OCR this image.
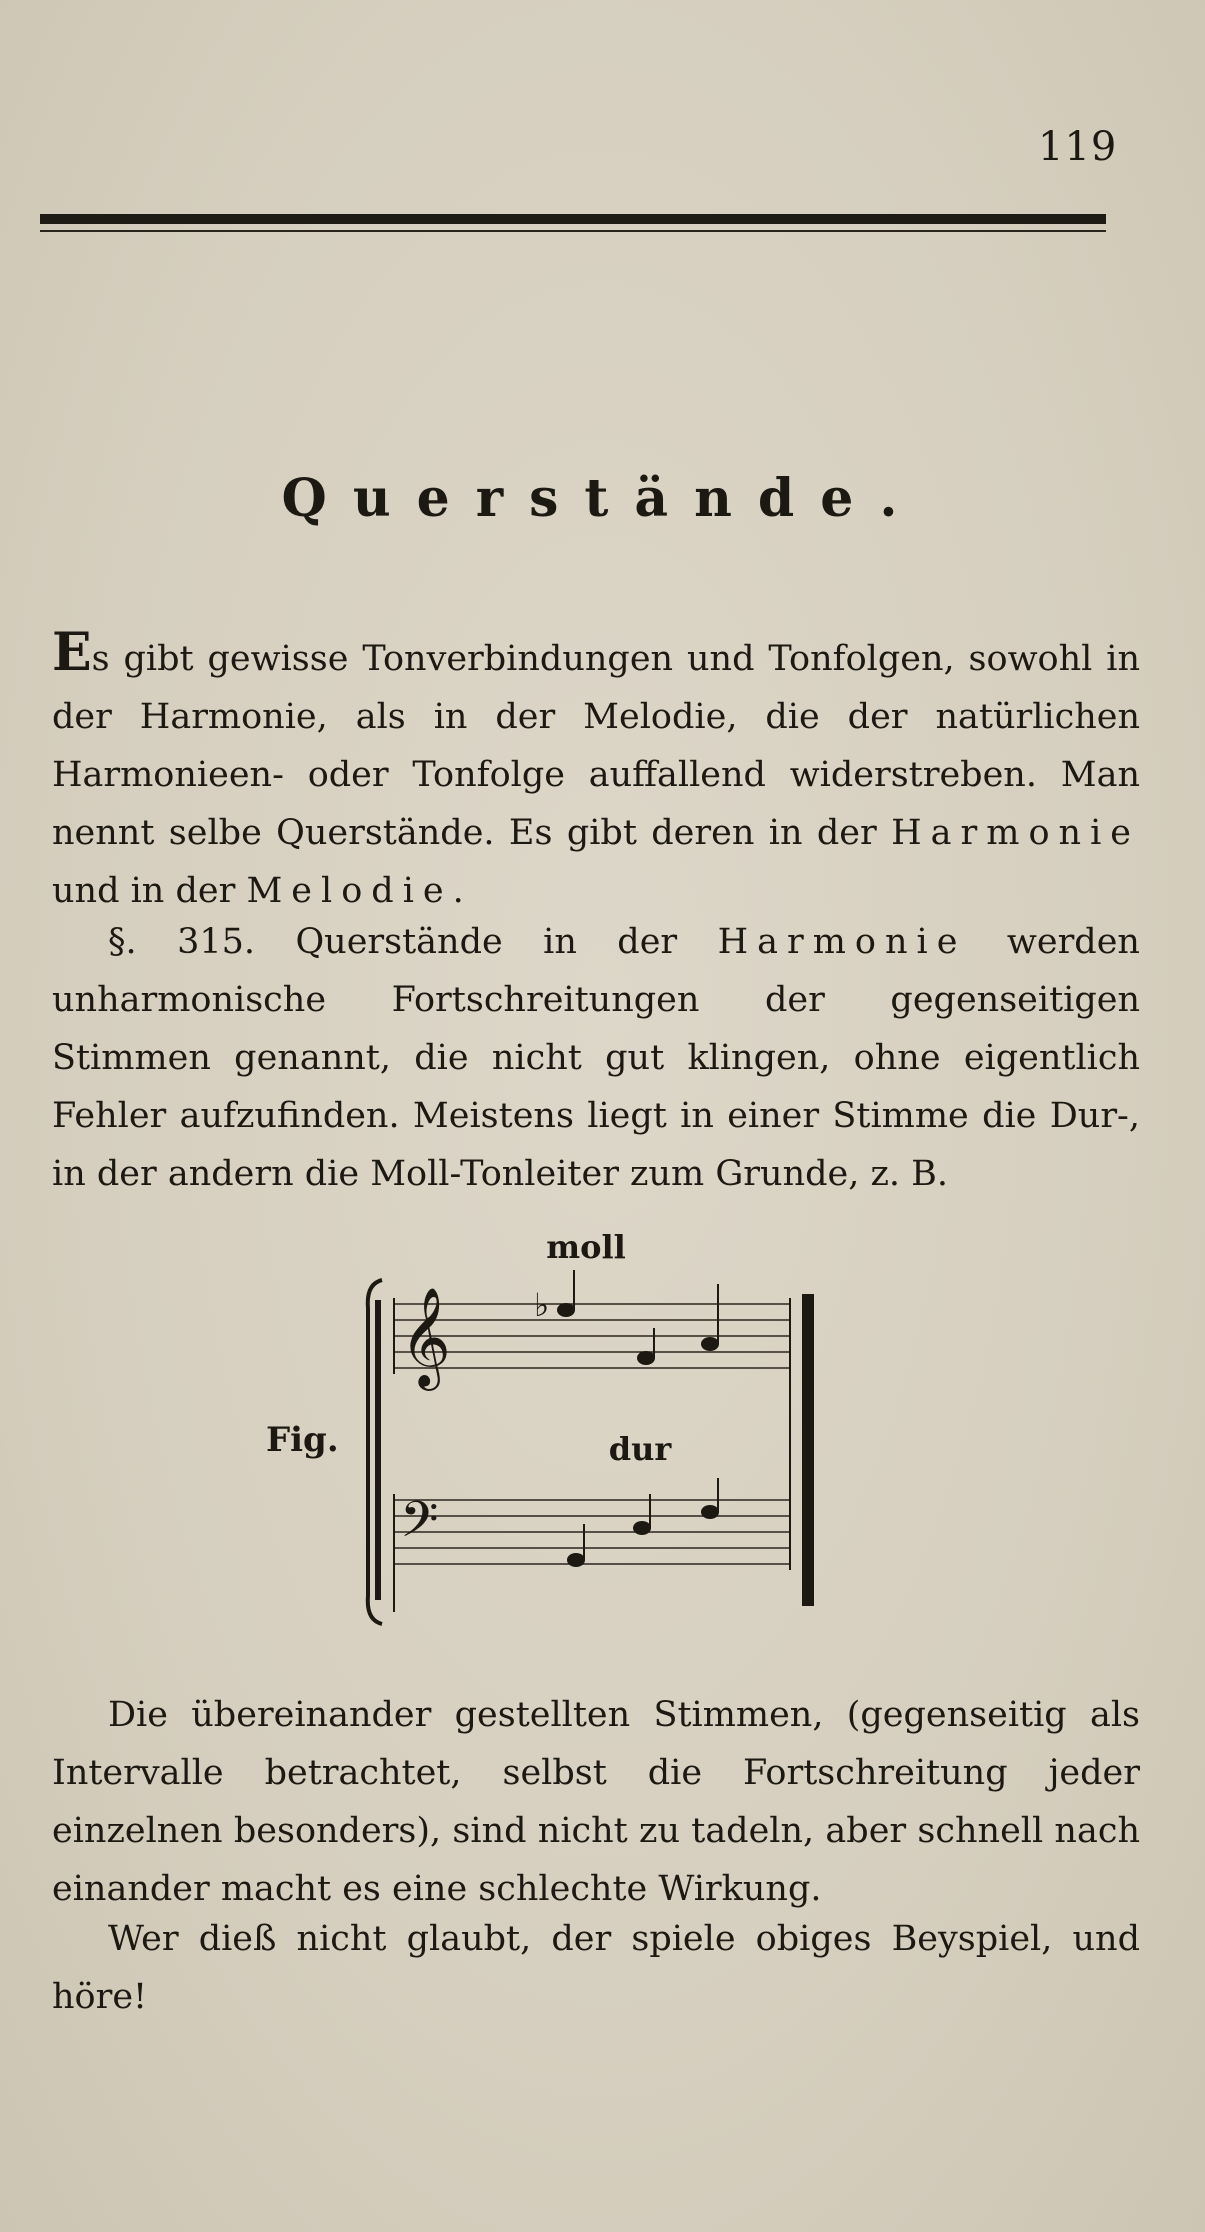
119
Querstände.
Es gibt gewisse Tonverbindungen und Tonfolgen, sowohl in der Harmonie, als in der Melodie, die der natürlichen Harmonieen- oder Tonfolge auffallend widerstreben. Man nennt selbe Querstände. Es gibt deren in der Harmonie und in der Melodie.
§. 315. Querstände in der Harmonie werden unharmonische Fortschreitungen der gegenseitigen Stimmen genannt, die nicht gut klingen, ohne eigentlich Fehler aufzufinden. Meistens liegt in einer Stimme die Dur-, in der andern die Moll-Tonleiter zum Grunde, z. B.
Fig.
𝄞
𝄢
moll
dur
♭
Die übereinander gestellten Stimmen, (gegenseitig als Intervalle betrachtet, selbst die Fortschreitung jeder einzelnen besonders), sind nicht zu tadeln, aber schnell nach einander macht es eine schlechte Wirkung.
Wer dieß nicht glaubt, der spiele obiges Beyspiel, und höre!
